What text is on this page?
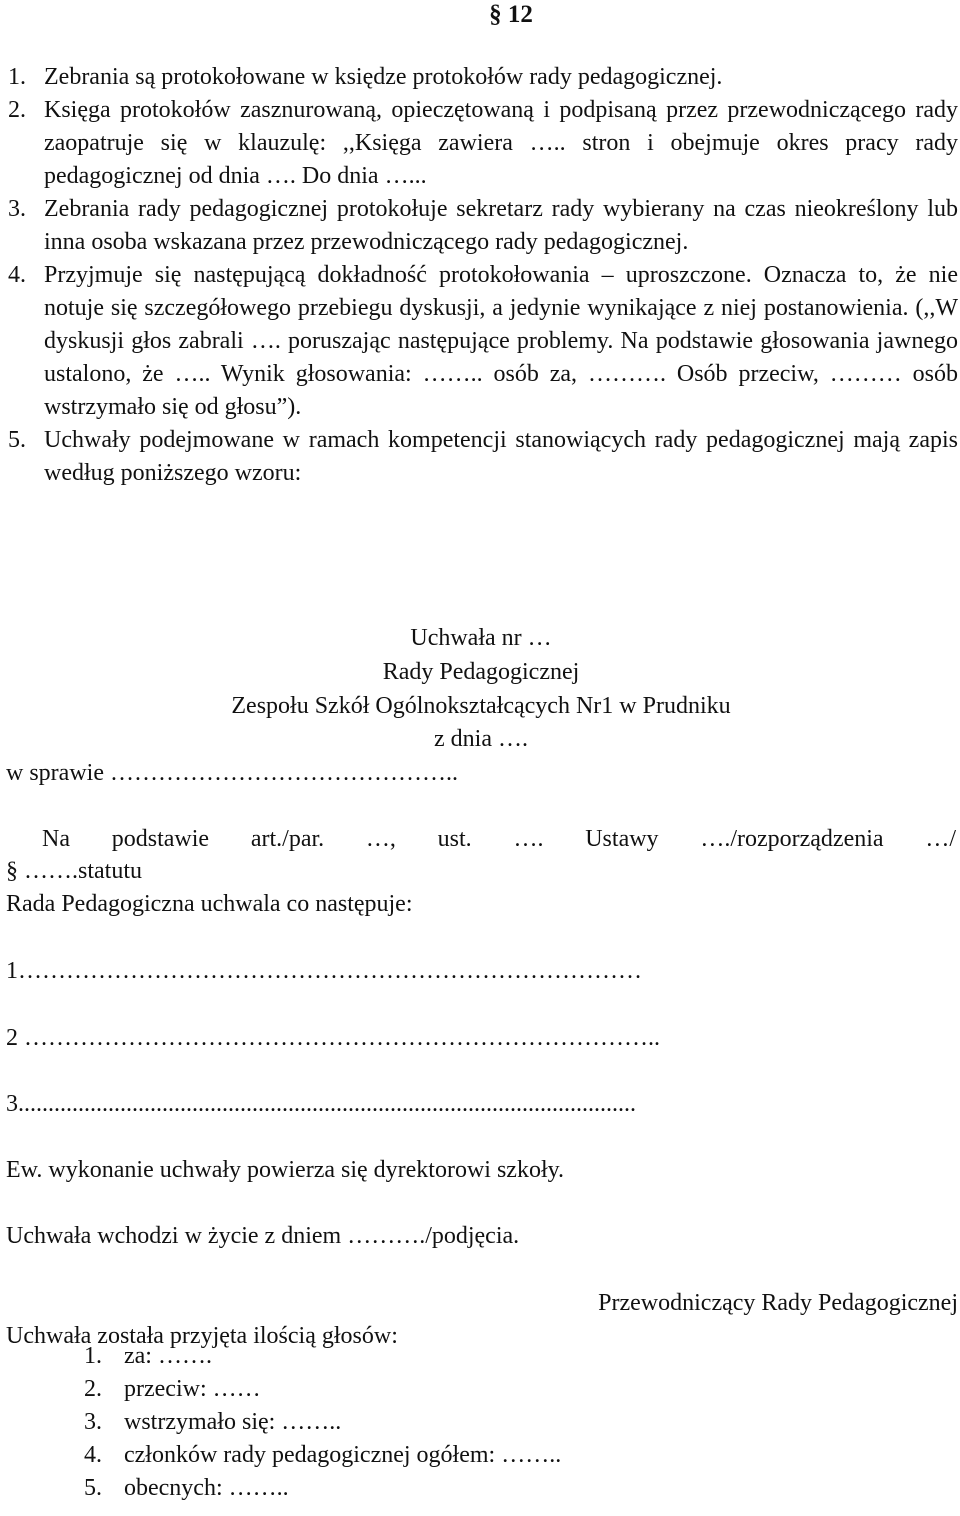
§ 12
1. Zebrania są protokołowane w księdze protokołów rady pedagogicznej.
2. Księga protokołów zasznurowaną, opieczętowaną i podpisaną przez przewodniczącego rady zaopatruje się w klauzulę: ,,Księga zawiera ….. stron i obejmuje okres pracy rady pedagogicznej od dnia …. Do dnia …...
3. Zebrania rady pedagogicznej protokołuje sekretarz rady wybierany na czas nieokreślony lub inna osoba wskazana przez przewodniczącego rady pedagogicznej.
4. Przyjmuje się następującą dokładność protokołowania – uproszczone. Oznacza to, że nie notuje się szczegółowego przebiegu dyskusji, a jedynie wynikające z niej postanowienia. (,,W dyskusji głos zabrali …. poruszając następujące problemy. Na podstawie głosowania jawnego ustalono, że ….. Wynik głosowania: …….. osób za, ………. Osób przeciw, ……… osób wstrzymało się od głosu”).
5. Uchwały podejmowane w ramach kompetencji stanowiących rady pedagogicznej mają zapis według poniższego wzoru:
Uchwała nr …
Rady Pedagogicznej
Zespołu Szkół Ogólnokształcących Nr1 w Prudniku
z dnia ….
w sprawie ……………………………………..
Na podstawie art./par. …, ust. …. Ustawy …./rozporządzenia …/
§ …….statutu
Rada Pedagogiczna uchwala co następuje:
1……………………………………………………………………
2 ……………………………………………………………………..
3.......................................................................................................
Ew. wykonanie uchwały powierza się dyrektorowi szkoły.
Uchwała wchodzi w życie z dniem ………./podjęcia.
Przewodniczący Rady Pedagogicznej
Uchwała została przyjęta ilością głosów:
1. za: …….
2. przeciw: ……
3. wstrzymało się: ……..
4. członków rady pedagogicznej ogółem: ……..
5. obecnych: ……..
